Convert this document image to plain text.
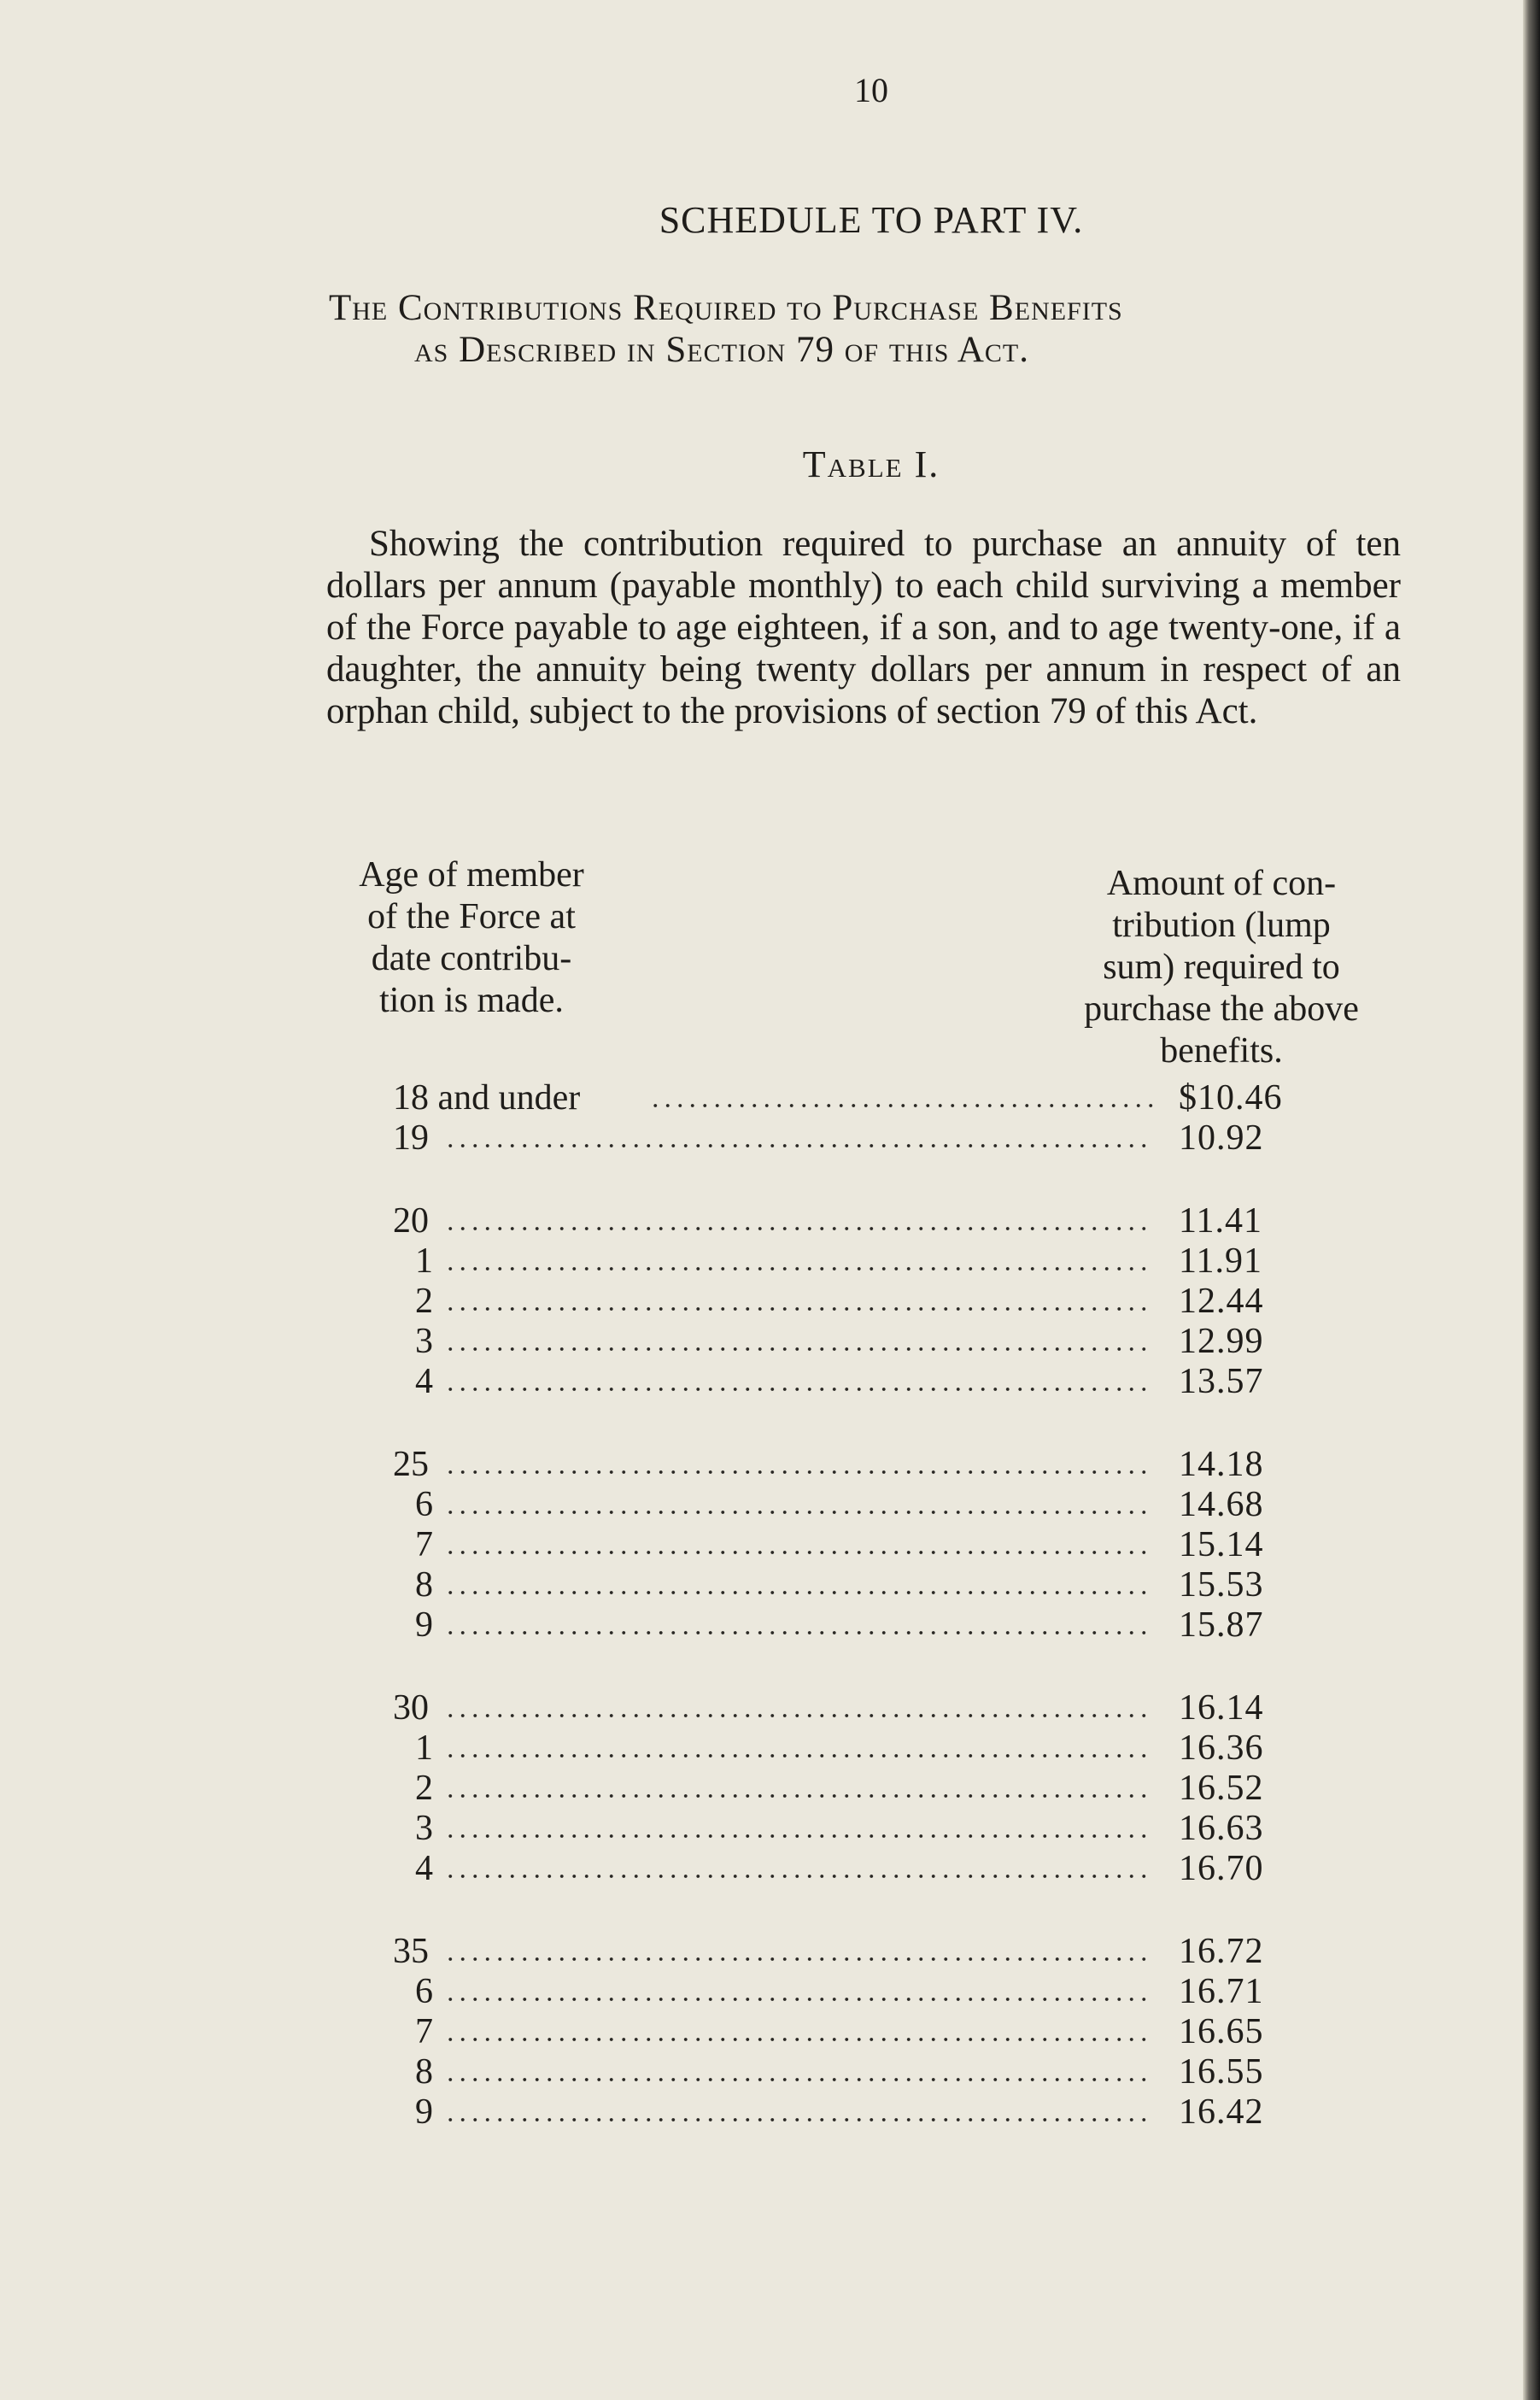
10
SCHEDULE TO PART IV.
The Contributions Required to Purchase Benefits
as Described in Section 79 of this Act.
Table I.
Showing the contribution required to purchase an annuity of ten dollars per annum (payable monthly) to each child surviving a member of the Force payable to age eighteen, if a son, and to age twenty-one, if a daughter, the annuity being twenty dollars per annum in respect of an orphan child, subject to the provisions of section 79 of this Act.
Age of member
of the Force at
date contribu-
tion is made.
Amount of con-
tribution (lump
sum) required to
purchase the above
benefits.
18 and under	$10.46
19	10.92
20	11.41
1	11.91
2	12.44
3	12.99
4	13.57
25	14.18
6	14.68
7	15.14
8	15.53
9	15.87
30	16.14
1	16.36
2	16.52
3	16.63
4	16.70
35	16.72
6	16.71
7	16.65
8	16.55
9	16.42
